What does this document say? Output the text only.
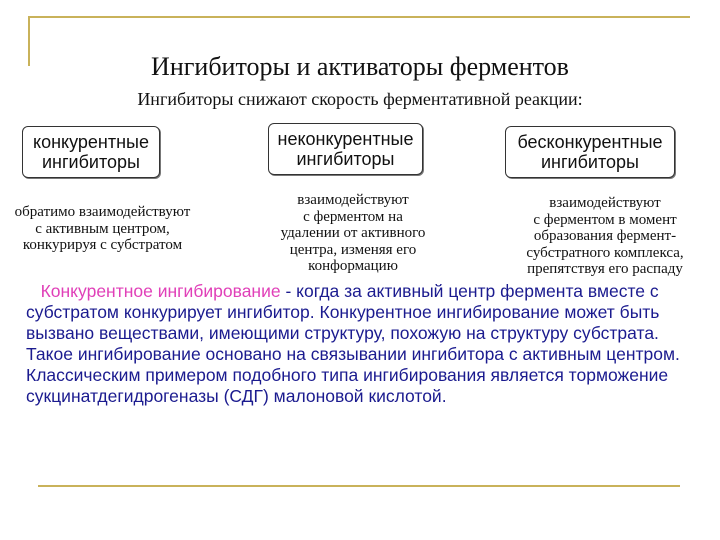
Ингибиторы и активаторы ферментов
Ингибиторы снижают скорость ферментативной реакции:
конкурентные
ингибиторы
неконкурентные
ингибиторы
бесконкурентные
ингибиторы
обратимо взаимодействуют
с активным центром,
конкурируя с субстратом
взаимодействуют
с ферментом на
удалении от активного
центра, изменяя его
конформацию
взаимодействуют
с ферментом в момент
образования фермент-
субстратного комплекса,
препятствуя его распаду

Конкурентное ингибирование - когда за активный центр фермента вместе с

субстратом конкурирует ингибитор. Конкурентное ингибирование может быть

вызвано веществами, имеющими структуру, похожую на структуру субстрата.

Такое ингибирование основано на связывании ингибитора с активным центром.

Классическим примером подобного типа ингибирования является торможение

сукцинатдегидрогеназы (СДГ) малоновой кислотой.
